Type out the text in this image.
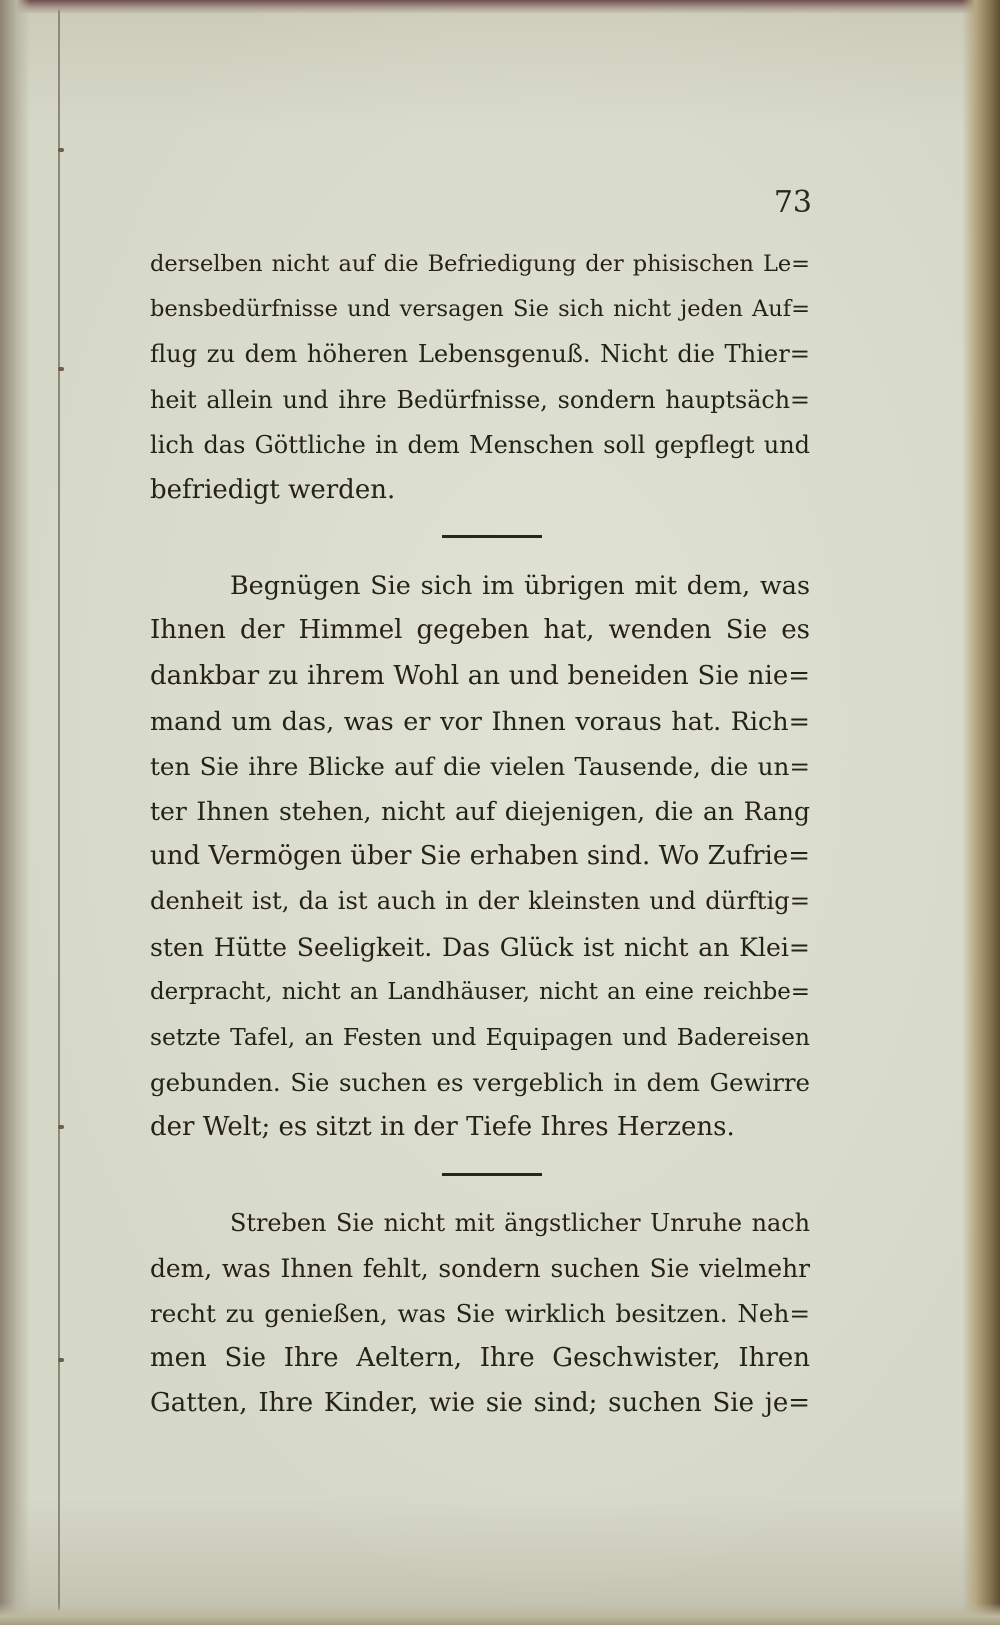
73
derselben nicht auf die Befriedigung der phisischen Le=
bensbedürfnisse und versagen Sie sich nicht jeden Auf=
flug zu dem höheren Lebensgenuß. Nicht die Thier=
heit allein und ihre Bedürfnisse, sondern hauptsäch=
lich das Göttliche in dem Menschen soll gepflegt und
befriedigt werden.
Begnügen Sie sich im übrigen mit dem, was
Ihnen der Himmel gegeben hat, wenden Sie es
dankbar zu ihrem Wohl an und beneiden Sie nie=
mand um das, was er vor Ihnen voraus hat. Rich=
ten Sie ihre Blicke auf die vielen Tausende, die un=
ter Ihnen stehen, nicht auf diejenigen, die an Rang
und Vermögen über Sie erhaben sind. Wo Zufrie=
denheit ist, da ist auch in der kleinsten und dürftig=
sten Hütte Seeligkeit. Das Glück ist nicht an Klei=
derpracht, nicht an Landhäuser, nicht an eine reichbe=
setzte Tafel, an Festen und Equipagen und Badereisen
gebunden. Sie suchen es vergeblich in dem Gewirre
der Welt; es sitzt in der Tiefe Ihres Herzens.
Streben Sie nicht mit ängstlicher Unruhe nach
dem, was Ihnen fehlt, sondern suchen Sie vielmehr
recht zu genießen, was Sie wirklich besitzen. Neh=
men Sie Ihre Aeltern, Ihre Geschwister, Ihren
Gatten, Ihre Kinder, wie sie sind; suchen Sie je=
